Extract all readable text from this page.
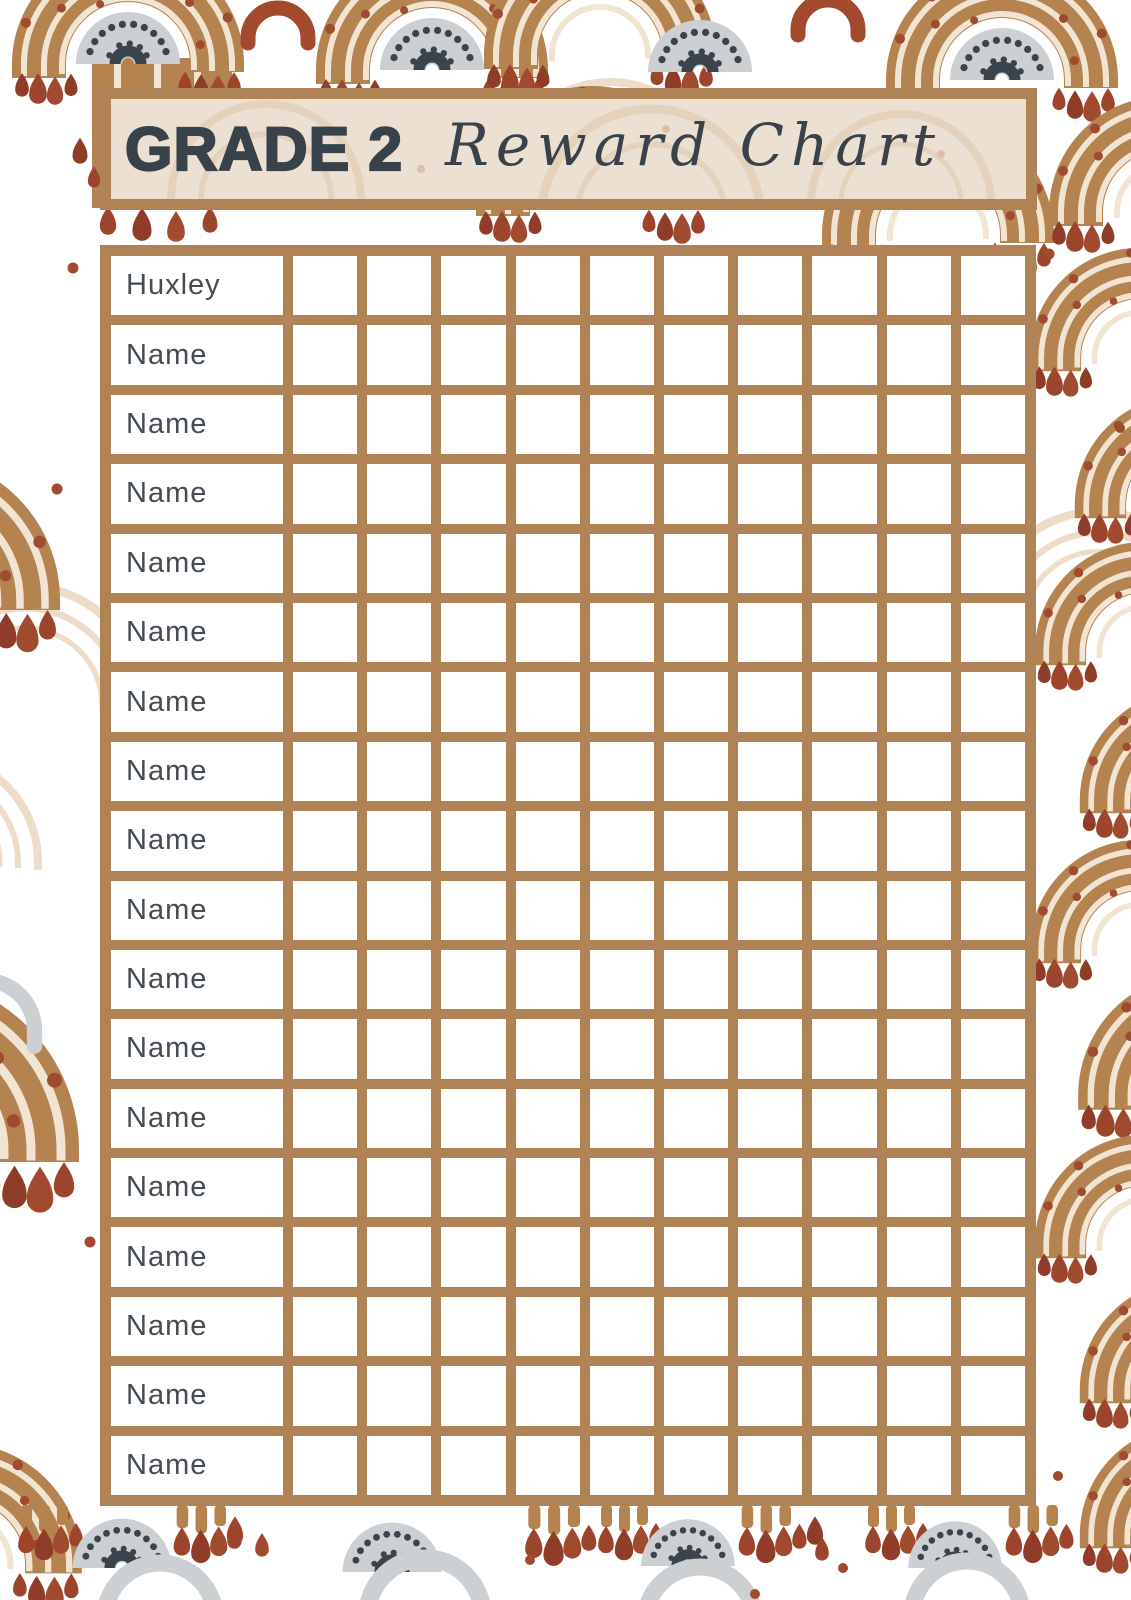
GRADE 2 Reward Chart
Huxley
Name
Name
Name
Name
Name
Name
Name
Name
Name
Name
Name
Name
Name
Name
Name
Name
Name
